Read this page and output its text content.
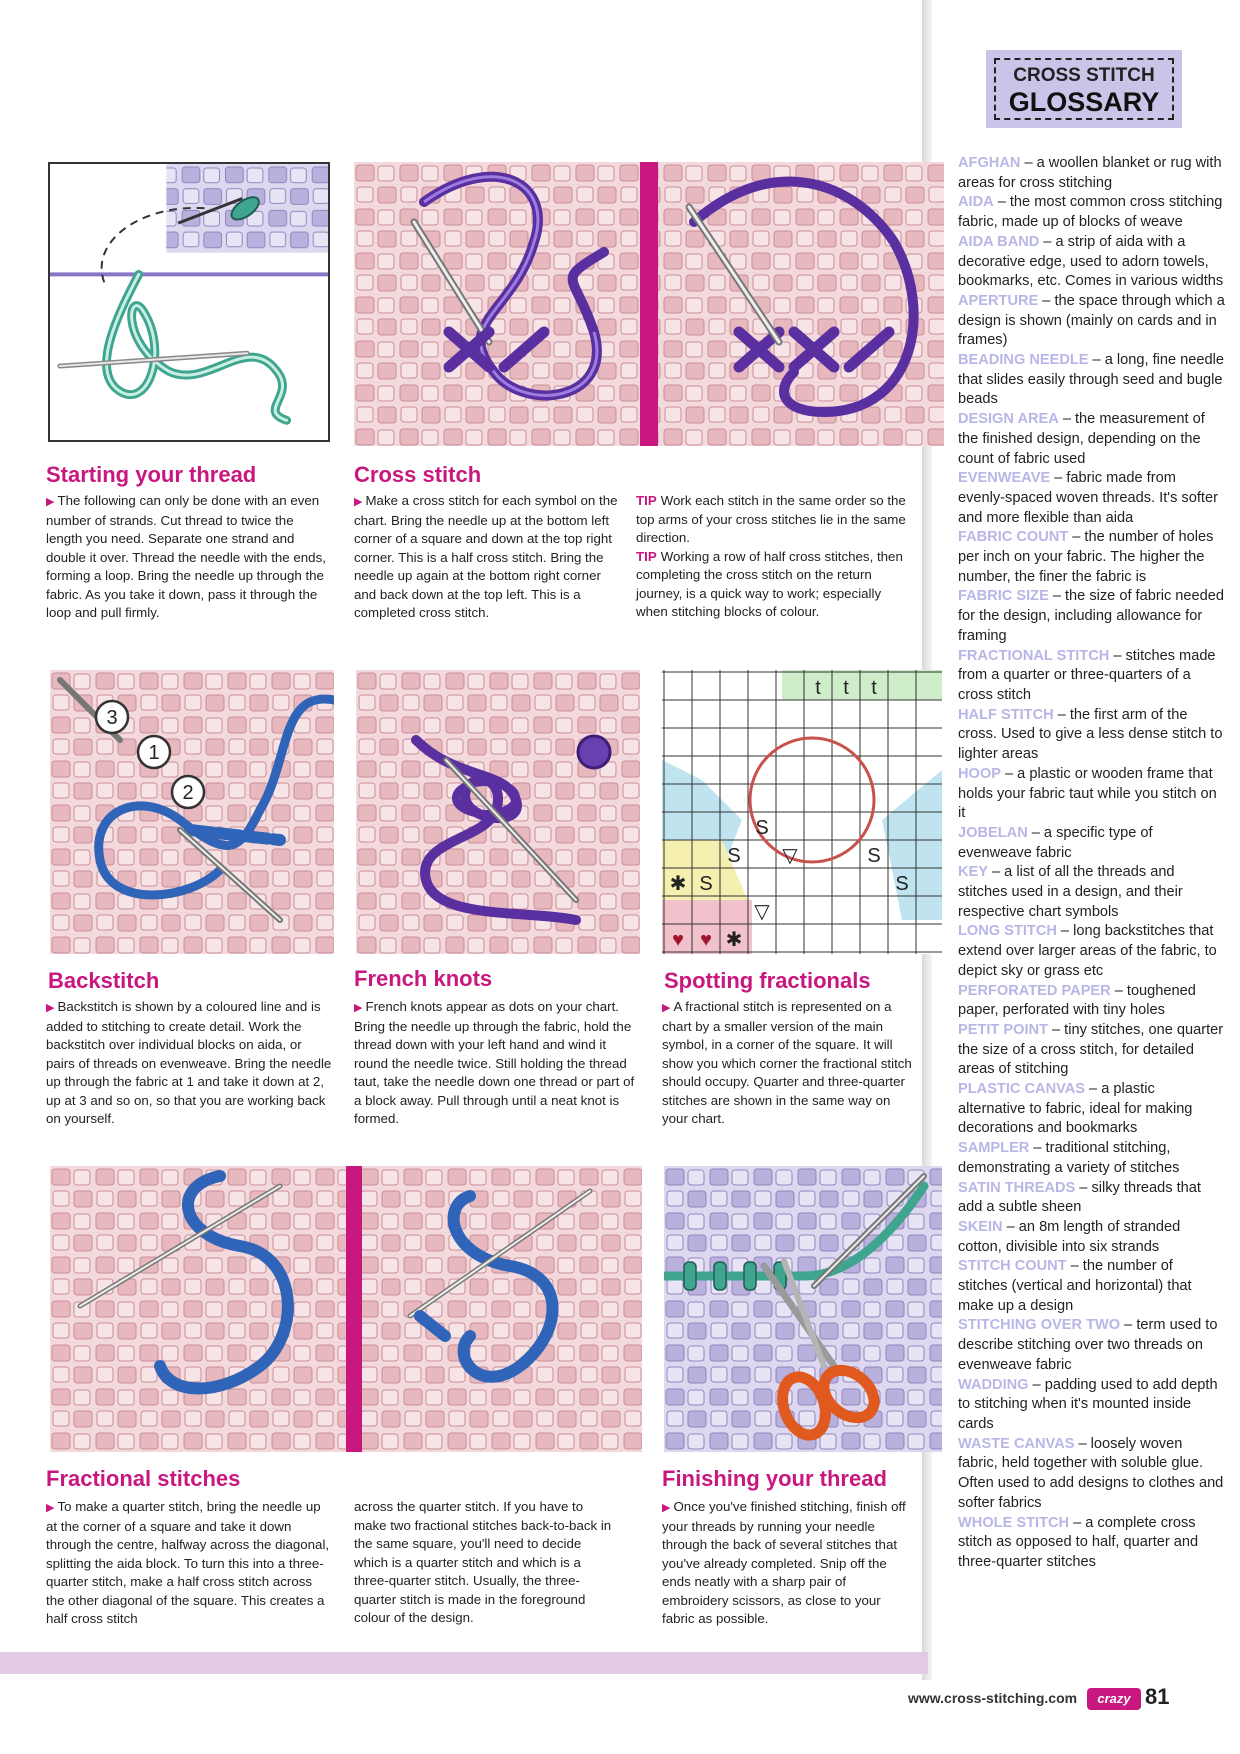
Starting your thread

▶ The following can only be done with an even number of strands. Cut thread to twice the length you need. Separate one strand and double it over. Thread the needle with the ends, forming a loop. Bring the needle up through the fabric. As you take it down, pass it through the loop and pull firmly.

Cross stitch

▶ Make a cross stitch for each symbol on the chart. Bring the needle up at the bottom left corner of a square and down at the top right corner. This is a half cross stitch. Bring the needle up again at the bottom right corner and back down at the top left. This is a completed cross stitch.

TIP Work each stitch in the same order so the top arms of your cross stitches lie in the same direction.
TIP Working a row of half cross stitches, then completing the cross stitch on the return journey, is a quick way to work; especially when stitching blocks of colour.
3
1
2
t t t
S
S
S
▽
▽
✱
✱
♥ ♥
S
S
Backstitch

▶ Backstitch is shown by a coloured line and is added to stitching to create detail. Work the backstitch over individual blocks on aida, or pairs of threads on evenweave. Bring the needle up through the fabric at 1 and take it down at 2, up at 3 and so on, so that you are working back on yourself.

French knots

▶ French knots appear as dots on your chart. Bring the needle up through the fabric, hold the thread down with your left hand and wind it round the needle twice. Still holding the thread taut, take the needle down one thread or part of a block away. Pull through until a neat knot is formed.

Spotting fractionals

▶ A fractional stitch is represented on a chart by a smaller version of the main symbol, in a corner of the square. It will show you which corner the fractional stitch should occupy. Quarter and three-quarter stitches are shown in the same way on your chart.

Fractional stitches

▶ To make a quarter stitch, bring the needle up at the corner of a square and take it down through the centre, halfway across the diagonal, splitting the aida block. To turn this into a three-quarter stitch, make a half cross stitch across the other diagonal of the square. This creates a half cross stitch

across the quarter stitch. If you have to make two fractional stitches back-to-back in the same square, you'll need to decide which is a quarter stitch and which is a three-quarter stitch. Usually, the three-quarter stitch is made in the foreground colour of the design.

Finishing your thread

▶ Once you've finished stitching, finish off your threads by running your needle through the back of several stitches that you've already completed. Snip off the ends neatly with a sharp pair of embroidery scissors, as close to your fabric as possible.

CROSS STITCH
GLOSSARY
AFGHAN – a woollen blanket or rug with areas for cross stitching
AIDA – the most common cross stitching fabric, made up of blocks of weave
AIDA BAND – a strip of aida with a decorative edge, used to adorn towels, bookmarks, etc. Comes in various widths
APERTURE – the space through which a design is shown (mainly on cards and in frames)
BEADING NEEDLE – a long, fine needle that slides easily through seed and bugle beads
DESIGN AREA – the measurement of the finished design, depending on the count of fabric used
EVENWEAVE – fabric made from evenly-spaced woven threads. It's softer and more flexible than aida
FABRIC COUNT – the number of holes per inch on your fabric. The higher the number, the finer the fabric is
FABRIC SIZE – the size of fabric needed for the design, including allowance for framing
FRACTIONAL STITCH – stitches made from a quarter or three-quarters of a cross stitch
HALF STITCH – the first arm of the cross. Used to give a less dense stitch to lighter areas
HOOP – a plastic or wooden frame that holds your fabric taut while you stitch on it
JOBELAN – a specific type of evenweave fabric
KEY – a list of all the threads and stitches used in a design, and their respective chart symbols
LONG STITCH – long backstitches that extend over larger areas of the fabric, to depict sky or grass etc
PERFORATED PAPER – toughened paper, perforated with tiny holes
PETIT POINT – tiny stitches, one quarter the size of a cross stitch, for detailed areas of stitching
PLASTIC CANVAS – a plastic alternative to fabric, ideal for making decorations and bookmarks
SAMPLER – traditional stitching, demonstrating a variety of stitches
SATIN THREADS – silky threads that add a subtle sheen
SKEIN – an 8m length of stranded cotton, divisible into six strands
STITCH COUNT – the number of stitches (vertical and horizontal) that make up a design
STITCHING OVER TWO – term used to describe stitching over two threads on evenweave fabric
WADDING – padding used to add depth to stitching when it's mounted inside cards
WASTE CANVAS – loosely woven fabric, held together with soluble glue. Often used to add designs to clothes and softer fabrics
WHOLE STITCH – a complete cross stitch as opposed to half, quarter and three-quarter stitches
www.cross-stitching.com	crazy 81
